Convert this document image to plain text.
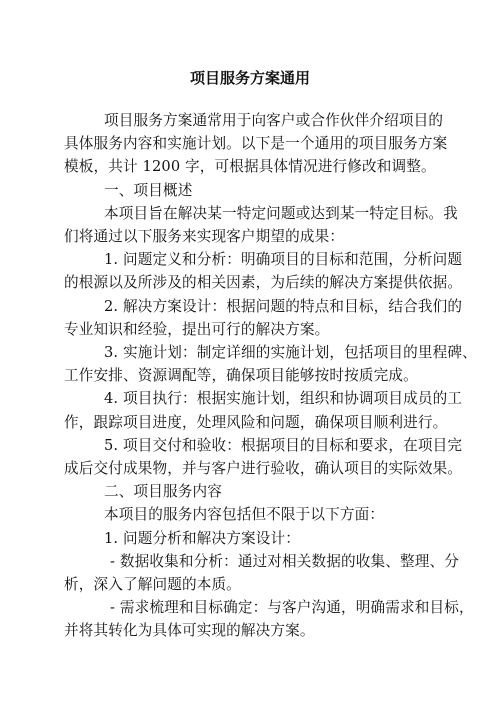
项目服务方案通用
项目服务方案通常用于向客户或合作伙伴介绍项目的
具体服务内容和实施计划。以下是一个通用的项目服务方案
模板，共计 1200 字，可根据具体情况进行修改和调整。
一、项目概述
本项目旨在解决某一特定问题或达到某一特定目标。我
们将通过以下服务来实现客户期望的成果：
1. 问题定义和分析：明确项目的目标和范围，分析问题
的根源以及所涉及的相关因素，为后续的解决方案提供依据。
2. 解决方案设计：根据问题的特点和目标，结合我们的
专业知识和经验，提出可行的解决方案。
3. 实施计划：制定详细的实施计划，包括项目的里程碑、
工作安排、资源调配等，确保项目能够按时按质完成。
4. 项目执行：根据实施计划，组织和协调项目成员的工
作，跟踪项目进度，处理风险和问题，确保项目顺利进行。
5. 项目交付和验收：根据项目的目标和要求，在项目完
成后交付成果物，并与客户进行验收，确认项目的实际效果。
二、项目服务内容
本项目的服务内容包括但不限于以下方面：
1. 问题分析和解决方案设计：
- 数据收集和分析：通过对相关数据的收集、整理、分
析，深入了解问题的本质。
- 需求梳理和目标确定：与客户沟通，明确需求和目标，
并将其转化为具体可实现的解决方案。
